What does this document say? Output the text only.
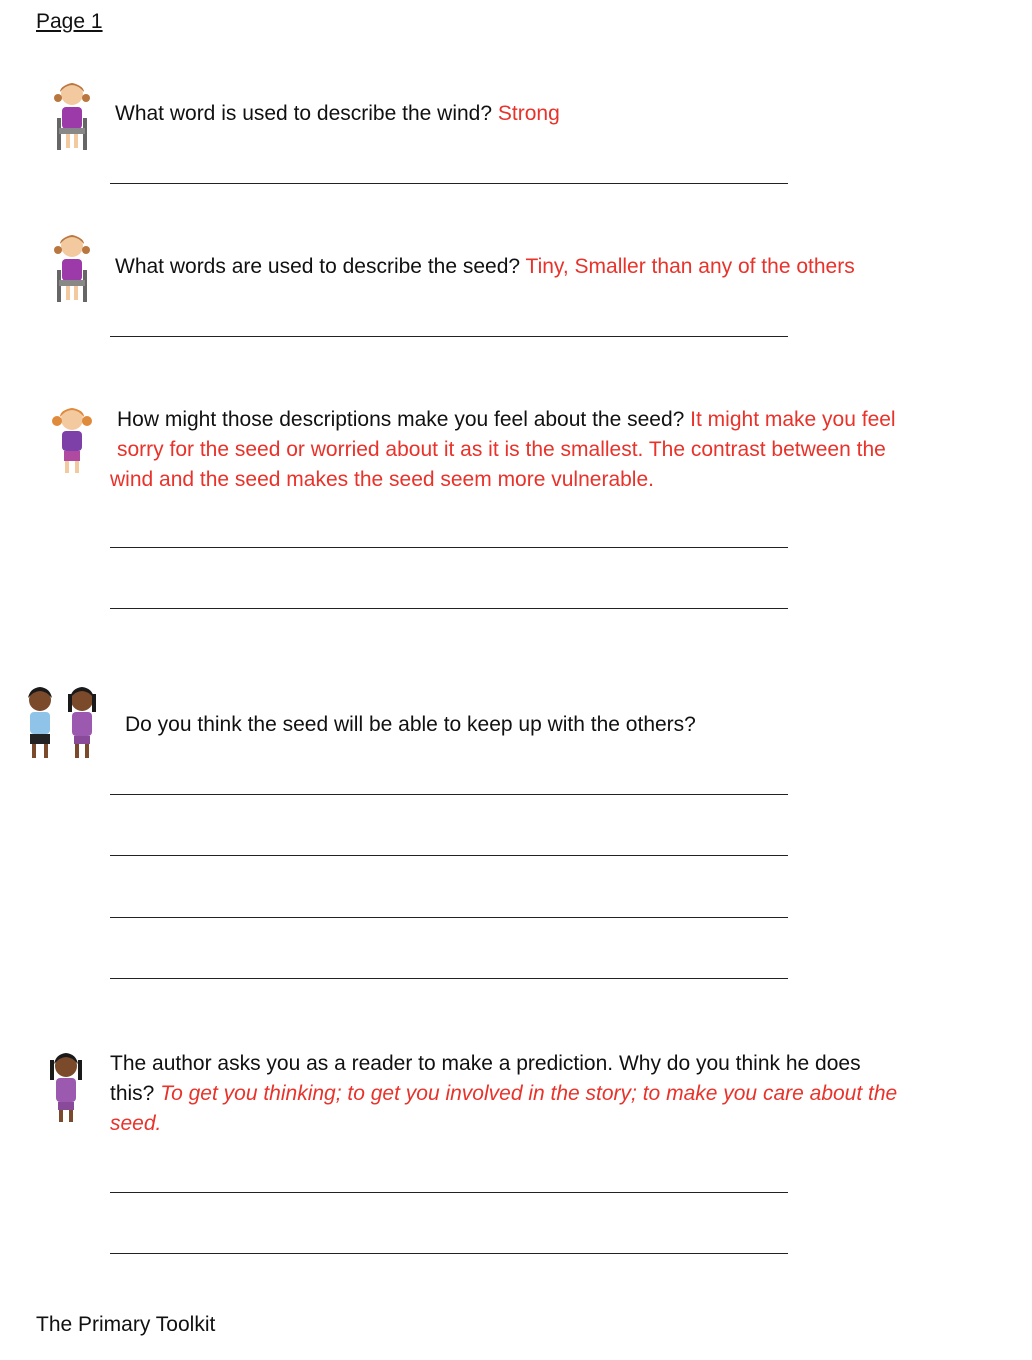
Page 1
What word is used to describe the wind? Strong
What words are used to describe the seed? Tiny, Smaller than any of the others
How might those descriptions make you feel about the seed? It might make you feel
sorry for the seed or worried about it as it is the smallest. The contrast between the
wind and the seed makes the seed seem more vulnerable.
Do you think the seed will be able to keep up with the others?
The author asks you as a reader to make a prediction. Why do you think he does
this? To get you thinking; to get you involved in the story; to make you care about the
seed.
The Primary Toolkit
